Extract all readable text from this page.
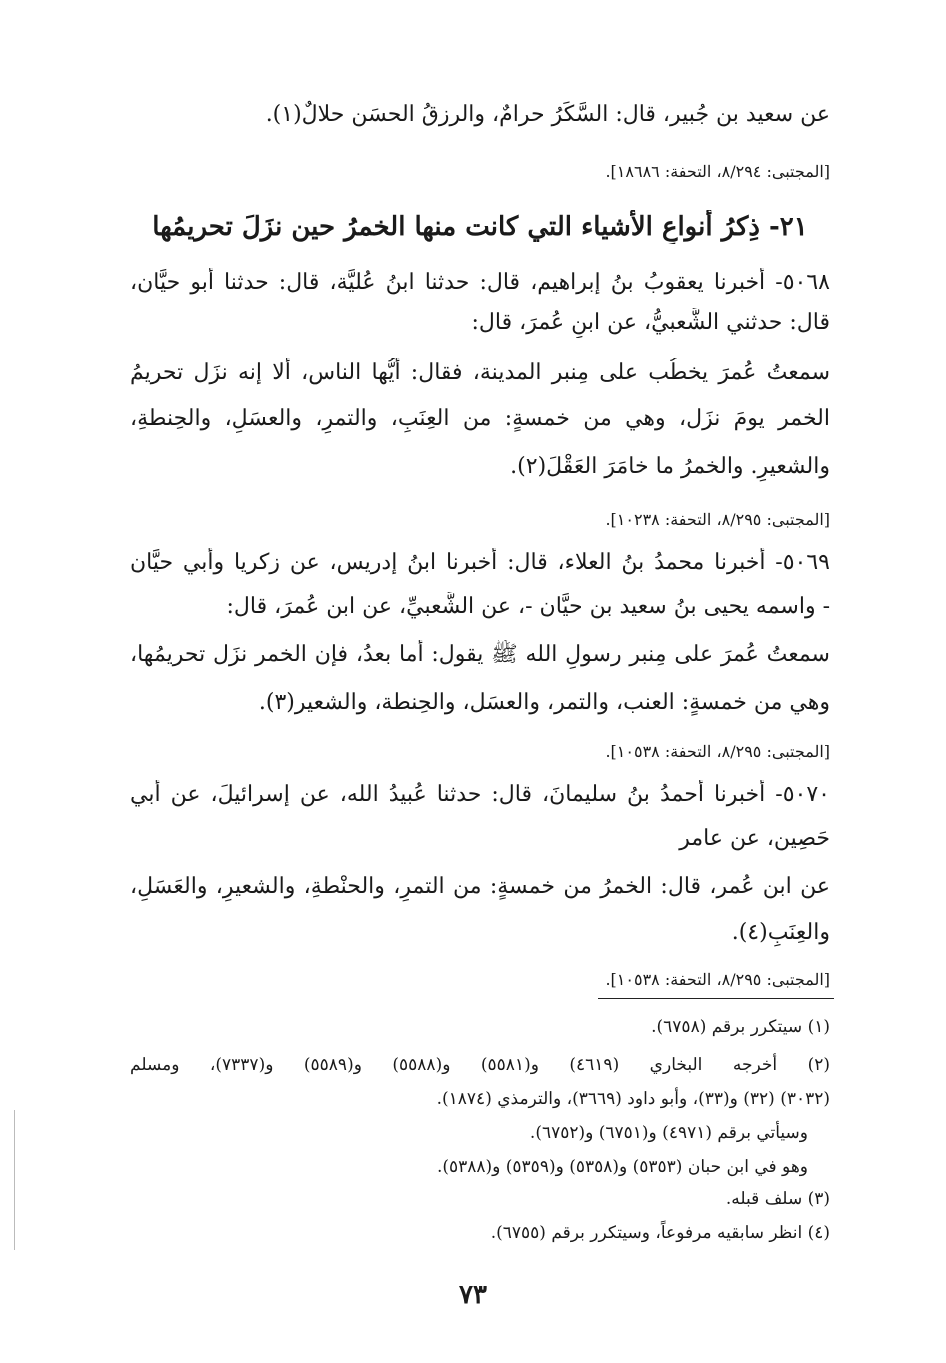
عن سعيد بن جُبير، قال: السَّكَرُ حرامٌ، والرزقُ الحسَن حلالٌ(١).
[المجتبى: ٨/٢٩٤، التحفة: ١٨٦٨٦].
٢١- ذِكرُ أنواعِ الأشياء التي كانت منها الخمرُ حين نزَلَ تحريمُها
٥٠٦٨- أخبرنا يعقوبُ بنُ إبراهيم، قال: حدثنا ابنُ عُليَّة، قال: حدثنا أبو حيَّان،
قال: حدثني الشَّعبيُّ، عن ابنِ عُمرَ، قال:
سمعتُ عُمرَ يخطُب على مِنبر المدينة، فقال: أيُّها الناس، ألا إنه نزَل تحريمُ
الخمر يومَ نزَل، وهي من خمسةٍ: من العِنَبِ، والتمرِ، والعسَلِ، والحِنطةِ،
والشعيرِ. والخمرُ ما خامَرَ العَقْلَ(٢).
[المجتبى: ٨/٢٩٥، التحفة: ١٠٢٣٨].
٥٠٦٩- أخبرنا محمدُ بنُ العلاء، قال: أخبرنا ابنُ إدريس، عن زكريا وأبي حيَّان
- واسمه يحيى بنُ سعيد بن حيَّان -، عن الشَّعبيِّ، عن ابن عُمرَ، قال:
سمعتُ عُمرَ على مِنبر رسولِ الله ﷺ يقول: أما بعدُ، فإن الخمر نزَل تحريمُها،
وهي من خمسةٍ: العنب، والتمر، والعسَل، والحِنطة، والشعير(٣).
[المجتبى: ٨/٢٩٥، التحفة: ١٠٥٣٨].
٥٠٧٠- أخبرنا أحمدُ بنُ سليمانَ، قال: حدثنا عُبيدُ الله، عن إسرائيلَ، عن أبي
حَصِين، عن عامر
عن ابن عُمر، قال: الخمرُ من خمسةٍ: من التمرِ، والحنْطةِ، والشعيرِ، والعَسَلِ،
والعِنَبِ(٤).
[المجتبى: ٨/٢٩٥، التحفة: ١٠٥٣٨].
(١) سيتكرر برقم (٦٧٥٨).
(٢) أخرجه البخاري (٤٦١٩) و(٥٥٨١) و(٥٥٨٨) و(٥٥٨٩) و(٧٣٣٧)، ومسلم
(٣٠٣٢) (٣٢) و(٣٣)، وأبو داود (٣٦٦٩)، والترمذي (١٨٧٤).
وسيأتي برقم (٤٩٧١) و(٦٧٥١) و(٦٧٥٢).
وهو في ابن حبان (٥٣٥٣) و(٥٣٥٨) و(٥٣٥٩) و(٥٣٨٨).
(٣) سلف قبله.
(٤) انظر سابقيه مرفوعاً، وسيتكرر برقم (٦٧٥٥).
٧٣
